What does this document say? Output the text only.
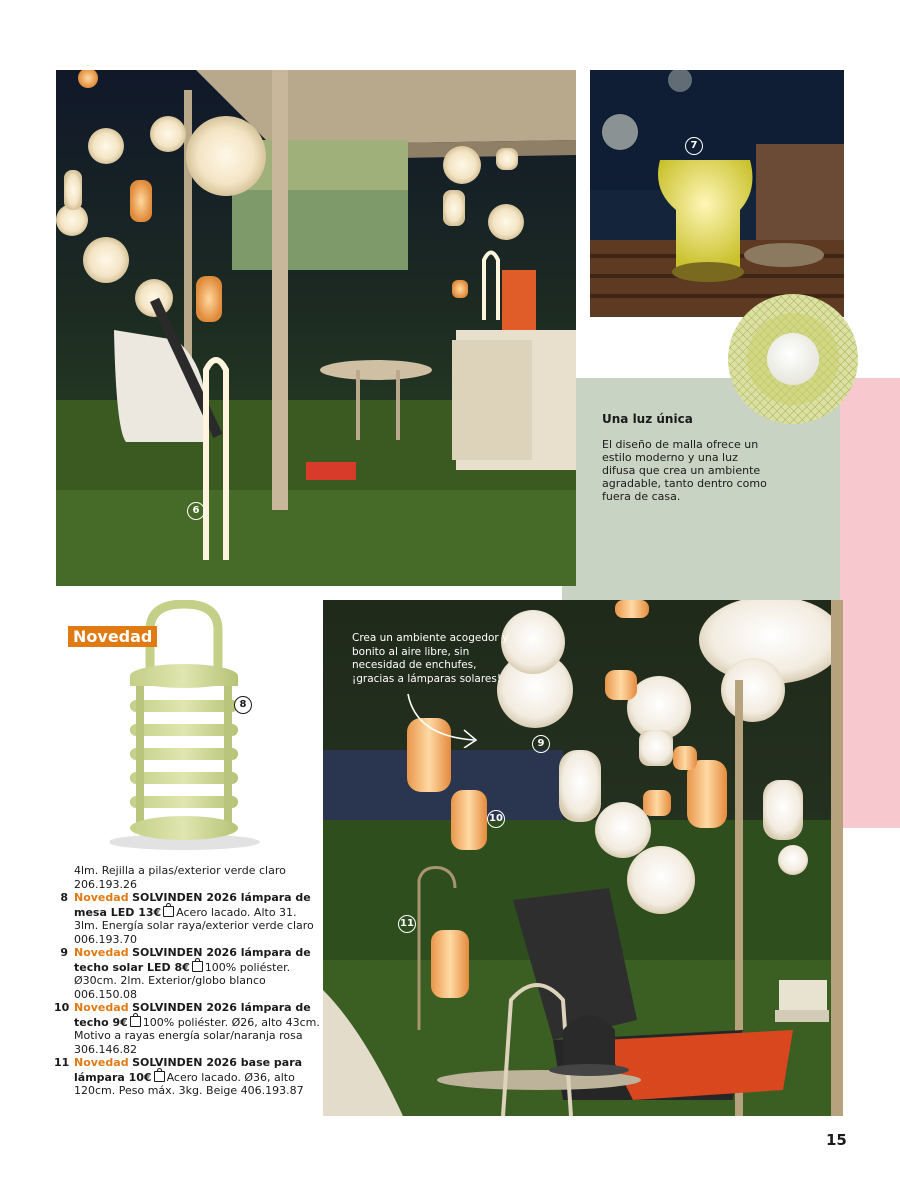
6
7
Una luz única
El diseño de malla ofrece un estilo moderno y una luz difusa que crea un ambiente agradable, tanto dentro como fuera de casa.
Novedad
8
Crea un ambiente acogedor y bonito al aire libre, sin necesidad de enchufes, ¡gracias a lámparas solares!
9
10
11

4lm. Rejilla a pilas/exterior verde claro 206.193.26

8 Novedad SOLVINDEN 2026 lámpara de mesa LED 13€ Acero lacado. Alto 31. 3lm. Energía solar raya/exterior verde claro 006.193.70

9 Novedad SOLVINDEN 2026 lámpara de techo solar LED 8€ 100% poliéster. Ø30cm. 2lm. Exterior/globo blanco 006.150.08

10 Novedad SOLVINDEN 2026 lámpara de techo 9€ 100% poliéster. Ø26, alto 43cm. Motivo a rayas energía solar/naranja rosa 306.146.82

11 Novedad SOLVINDEN 2026 base para lámpara 10€ Acero lacado. Ø36, alto 120cm. Peso máx. 3kg. Beige 406.193.87

15
